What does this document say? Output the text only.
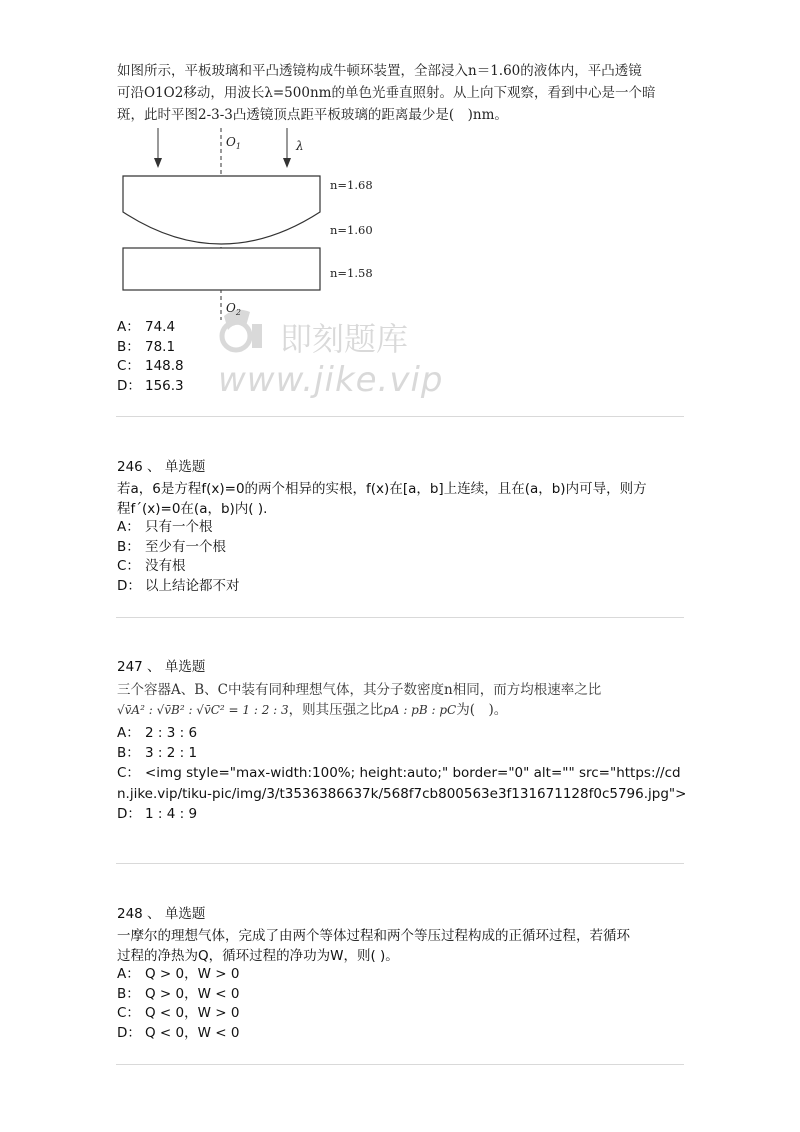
如图所示，平板玻璃和平凸透镜构成牛顿环装置，全部浸入n＝1.60的液体内，平凸透镜

可沿O1O2移动，用波长λ=500nm的单色光垂直照射。从上向下观察，看到中心是一个暗

斑，此时平图2-3-3凸透镜顶点距平板玻璃的距离最少是(　)nm。

$O_1$	λ
n=1.68
n=1.60
n=1.58
$O_2$
A： 74.4
B： 78.1
C： 148.8
D： 156.3
即刻题库
www.jike.vip
246 、 单选题

若a，6是方程f(x)=0的两个相异的实根，f(x)在[a，b]上连续，且在(a，b)内可导，则方

程f´(x)=0在(a，b)内( ).

A： 只有一个根
B： 至少有一个根
C： 没有根
D： 以上结论都不对
247 、 单选题

三个容器A、B、C中装有同种理想气体，其分子数密度n相同，而方均根速率之比

√v̄A² : √v̄B² : √v̄C² = 1 : 2 : 3，则其压强之比pA : pB : pC为(　)。

A： 2 : 3 : 6
B： 3 : 2 : 1
C： <img style="max-width:100%; height:auto;" border="0" alt="" src="https://cdn.jike.vip/tiku-pic/img/3/t3536386637k/568f7cb800563e3f131671128f0c5796.jpg">
D： 1 : 4 : 9
248 、 单选题

一摩尔的理想气体，完成了由两个等体过程和两个等压过程构成的正循环过程，若循环

过程的净热为Q，循环过程的净功为W，则( )。

A： Q > 0，W > 0
B： Q > 0，W < 0
C： Q < 0，W > 0
D： Q < 0，W < 0
